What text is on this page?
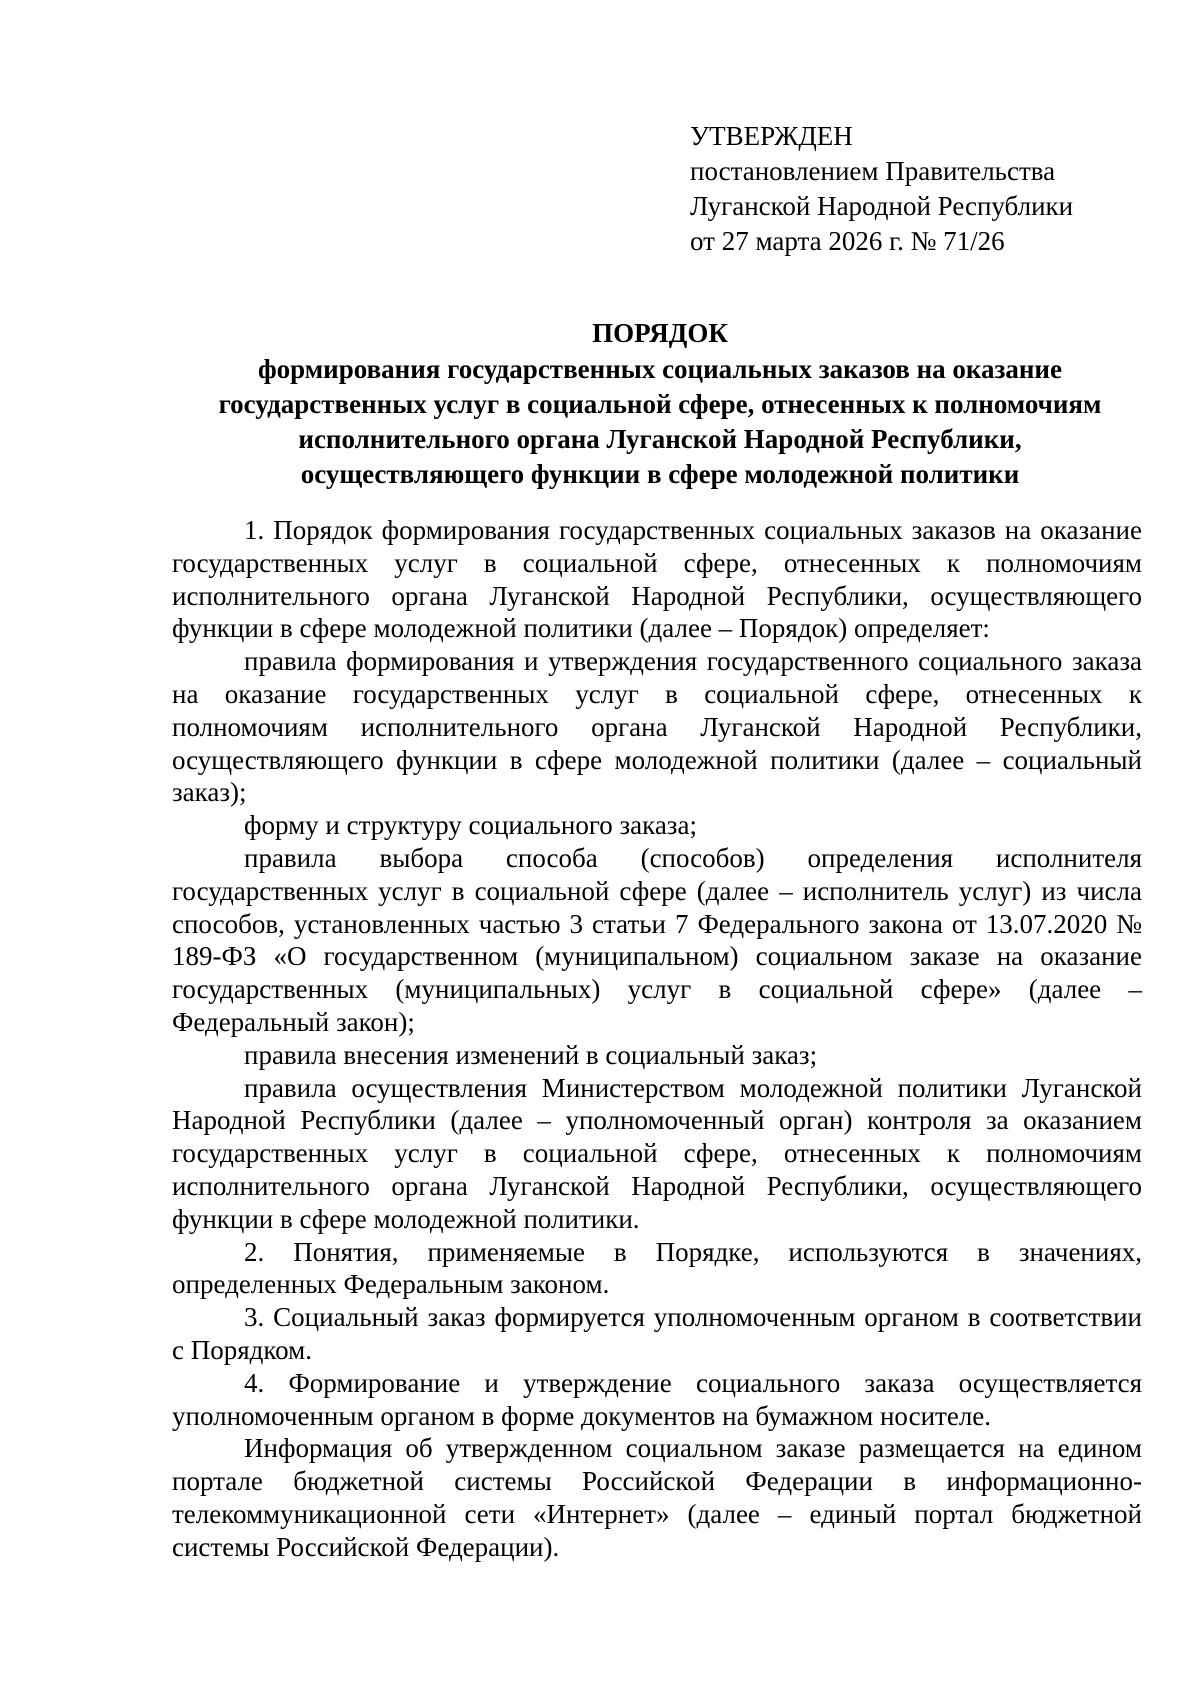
УТВЕРЖДЕН
постановлением Правительства
Луганской Народной Республики
от 27 марта 2026 г. № 71/26
ПОРЯДОК
формирования государственных социальных заказов на оказание
государственных услуг в социальной сфере, отнесенных к полномочиям
исполнительного органа Луганской Народной Республики,
осуществляющего функции в сфере молодежной политики

1. Порядок формирования государственных социальных заказов на оказание государственных услуг в социальной сфере, отнесенных к полномочиям исполнительного органа Луганской Народной Республики, осуществляющего функции в сфере молодежной политики (далее – Порядок) определяет:

правила формирования и утверждения государственного социального заказа на оказание государственных услуг в социальной сфере, отнесенных к полномочиям исполнительного органа Луганской Народной Республики, осуществляющего функции в сфере молодежной политики (далее – социальный заказ);

форму и структуру социального заказа;

правила выбора способа (способов) определения исполнителя государственных услуг в социальной сфере (далее – исполнитель услуг) из числа способов, установленных частью 3 статьи 7 Федерального закона от 13.07.2020 № 189-ФЗ «О государственном (муниципальном) социальном заказе на оказание государственных (муниципальных) услуг в социальной сфере» (далее – Федеральный закон);

правила внесения изменений в социальный заказ;

правила осуществления Министерством молодежной политики Луганской Народной Республики (далее – уполномоченный орган) контроля за оказанием государственных услуг в социальной сфере, отнесенных к полномочиям исполнительного органа Луганской Народной Республики, осуществляющего функции в сфере молодежной политики.

2. Понятия, применяемые в Порядке, используются в значениях, определенных Федеральным законом.

3. Социальный заказ формируется уполномоченным органом в соответствии с Порядком.

4. Формирование и утверждение социального заказа осуществляется уполномоченным органом в форме документов на бумажном носителе.

Информация об утвержденном социальном заказе размещается на едином портале бюджетной системы Российской Федерации в информационно-телекоммуникационной сети «Интернет» (далее – единый портал бюджетной системы Российской Федерации).
